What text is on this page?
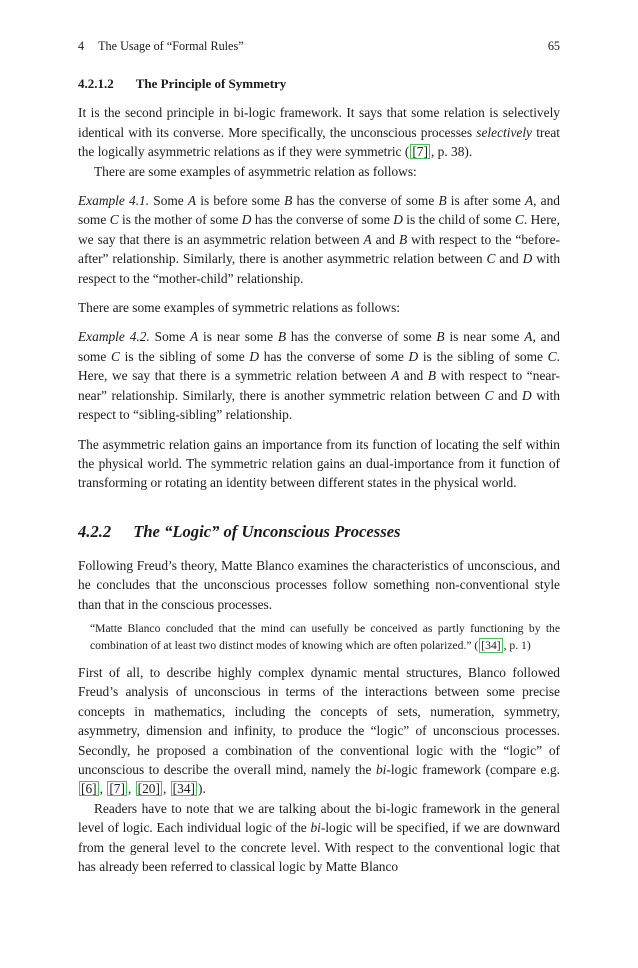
4 The Usage of “Formal Rules”	65
4.2.1.2 The Principle of Symmetry

It is the second principle in bi-logic framework. It says that some relation is selectively identical with its converse. More specifically, the unconscious processes selectively treat the logically asymmetric relations as if they were symmetric ( [7] , p. 38).

There are some examples of asymmetric relation as follows:

Example 4.1. Some A is before some B has the converse of some B is after some A, and some C is the mother of some D has the converse of some D is the child of some C. Here, we say that there is an asymmetric relation between A and B with respect to the “before-after” relationship. Similarly, there is another asymmetric relation between C and D with respect to the “mother-child” relationship.

There are some examples of symmetric relations as follows:

Example 4.2. Some A is near some B has the converse of some B is near some A, and some C is the sibling of some D has the converse of some D is the sibling of some C. Here, we say that there is a symmetric relation between A and B with respect to “near-near” relationship. Similarly, there is another symmetric relation between C and D with respect to “sibling-sibling” relationship.

The asymmetric relation gains an importance from its function of locating the self within the physical world. The symmetric relation gains an dual-importance from it function of transforming or rotating an identity between different states in the physical world.

4.2.2 The “Logic” of Unconscious Processes

Following Freud’s theory, Matte Blanco examines the characteristics of unconscious, and he concludes that the unconscious processes follow something non-conventional style than that in the conscious processes.

“Matte Blanco concluded that the mind can usefully be conceived as partly functioning by the combination of at least two distinct modes of knowing which are often polarized.” ( [34] , p. 1)

First of all, to describe highly complex dynamic mental structures, Blanco followed Freud’s analysis of unconscious in terms of the interactions between some precise concepts in mathematics, including the concepts of sets, numeration, symmetry, asymmetry, dimension and infinity, to produce the “logic” of unconscious processes. Secondly, he proposed a combination of the conventional logic with the “logic” of unconscious to describe the overall mind, namely the bi-logic framework (compare e.g. [6] , [7] , [20] , [34] ).

Readers have to note that we are talking about the bi-logic framework in the general level of logic. Each individual logic of the bi-logic will be specified, if we are downward from the general level to the concrete level. With respect to the conventional logic that has already been referred to classical logic by Matte Blanco
